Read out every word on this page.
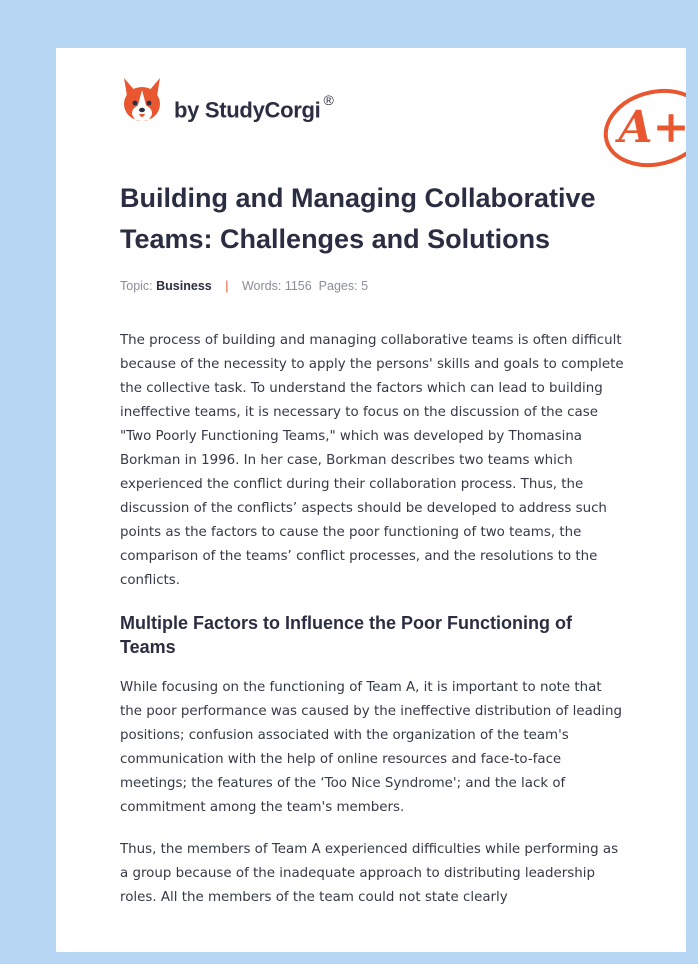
by StudyCorgi ®
A+
Building and Managing Collaborative Teams: Challenges and Solutions
Topic: Business | Words: 1156 Pages: 5

The process of building and managing collaborative teams is often difficult because of the necessity to apply the persons' skills and goals to complete the collective task. To understand the factors which can lead to building ineffective teams, it is necessary to focus on the discussion of the case "Two Poorly Functioning Teams," which was developed by Thomasina Borkman in 1996. In her case, Borkman describes two teams which experienced the conflict during their collaboration process. Thus, the discussion of the conflicts’ aspects should be developed to address such points as the factors to cause the poor functioning of two teams, the comparison of the teams’ conflict processes, and the resolutions to the conflicts.

Multiple Factors to Influence the Poor Functioning of Teams

While focusing on the functioning of Team A, it is important to note that the poor performance was caused by the ineffective distribution of leading positions; confusion associated with the organization of the team's communication with the help of online resources and face-to-face meetings; the features of the ‘Too Nice Syndrome'; and the lack of commitment among the team's members.

Thus, the members of Team A experienced difficulties while performing as a group because of the inadequate approach to distributing leadership roles. All the members of the team could not state clearly
